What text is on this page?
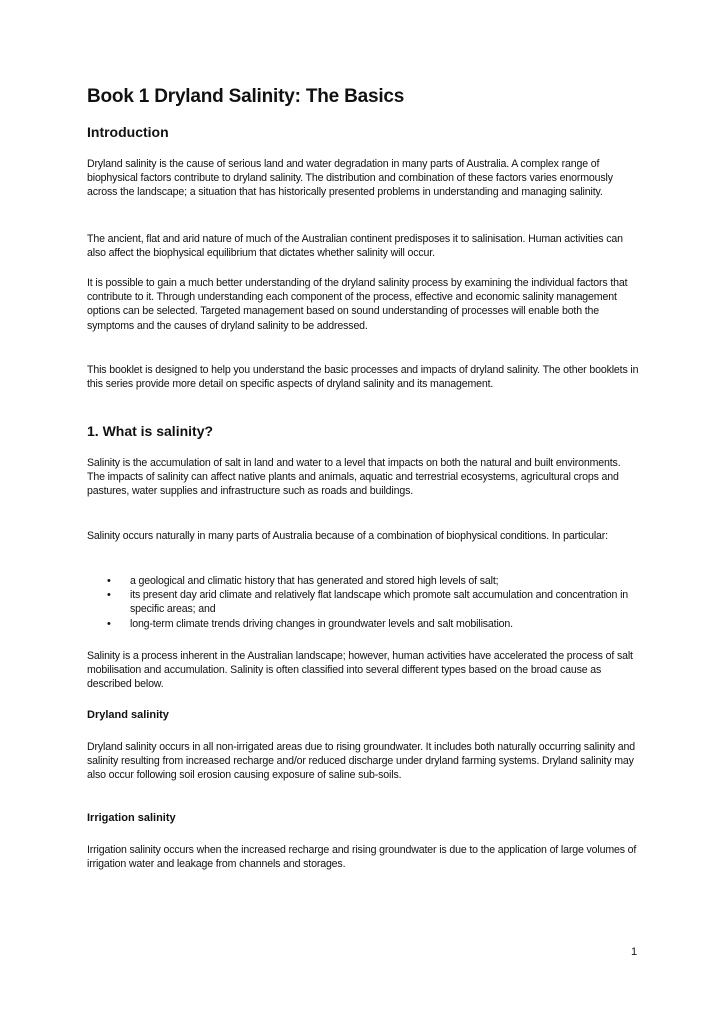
Book 1 Dryland Salinity: The Basics
Introduction

Dryland salinity is the cause of serious land and water degradation in many parts of Australia. A complex range of biophysical factors contribute to dryland salinity. The distribution and combination of these factors varies enormously across the landscape; a situation that has historically presented problems in understanding and managing salinity.

The ancient, flat and arid nature of much of the Australian continent predisposes it to salinisation. Human activities can also affect the biophysical equilibrium that dictates whether salinity will occur.

It is possible to gain a much better understanding of the dryland salinity process by examining the individual factors that contribute to it. Through understanding each component of the process, effective and economic salinity management options can be selected. Targeted management based on sound understanding of processes will enable both the symptoms and the causes of dryland salinity to be addressed.

This booklet is designed to help you understand the basic processes and impacts of dryland salinity. The other booklets in this series provide more detail on specific aspects of dryland salinity and its management.

1. What is salinity?

Salinity is the accumulation of salt in land and water to a level that impacts on both the natural and built environments. The impacts of salinity can affect native plants and animals, aquatic and terrestrial ecosystems, agricultural crops and pastures, water supplies and infrastructure such as roads and buildings.

Salinity occurs naturally in many parts of Australia because of a combination of biophysical conditions. In particular:

• a geological and climatic history that has generated and stored high levels of salt;
• its present day arid climate and relatively flat landscape which promote salt accumulation and concentration in specific areas; and
• long-term climate trends driving changes in groundwater levels and salt mobilisation.

Salinity is a process inherent in the Australian landscape; however, human activities have accelerated the process of salt mobilisation and accumulation. Salinity is often classified into several different types based on the broad cause as described below.

Dryland salinity

Dryland salinity occurs in all non-irrigated areas due to rising groundwater. It includes both naturally occurring salinity and salinity resulting from increased recharge and/or reduced discharge under dryland farming systems. Dryland salinity may also occur following soil erosion causing exposure of saline sub-soils.

Irrigation salinity

Irrigation salinity occurs when the increased recharge and rising groundwater is due to the application of large volumes of irrigation water and leakage from channels and storages.

1
